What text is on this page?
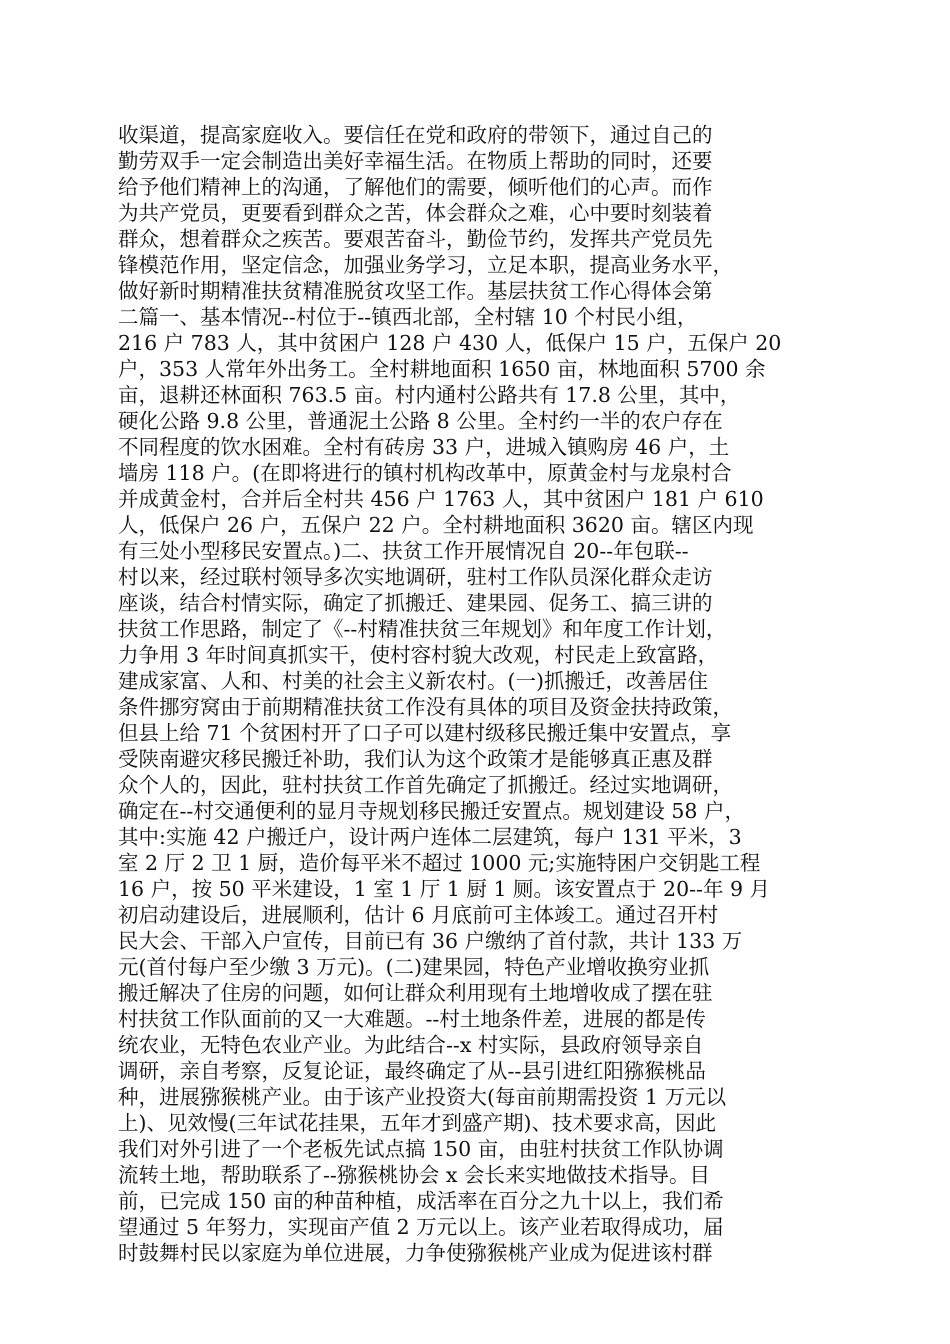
收渠道，提高家庭收入。要信任在党和政府的带领下，通过自己的
勤劳双手一定会制造出美好幸福生活。在物质上帮助的同时，还要
给予他们精神上的沟通，了解他们的需要，倾听他们的心声。而作
为共产党员，更要看到群众之苦，体会群众之难，心中要时刻装着
群众，想着群众之疾苦。要艰苦奋斗，勤俭节约，发挥共产党员先
锋模范作用，坚定信念，加强业务学习，立足本职，提高业务水平，
做好新时期精准扶贫精准脱贫攻坚工作。基层扶贫工作心得体会第
二篇一、基本情况--村位于--镇西北部，全村辖 10 个村民小组，
216 户 783 人，其中贫困户 128 户 430 人，低保户 15 户，五保户 20
户，353 人常年外出务工。全村耕地面积 1650 亩，林地面积 5700 余
亩，退耕还林面积 763.5 亩。村内通村公路共有 17.8 公里，其中，
硬化公路 9.8 公里，普通泥土公路 8 公里。全村约一半的农户存在
不同程度的饮水困难。全村有砖房 33 户，进城入镇购房 46 户，土
墙房 118 户。(在即将进行的镇村机构改革中，原黄金村与龙泉村合
并成黄金村，合并后全村共 456 户 1763 人，其中贫困户 181 户 610
人，低保户 26 户，五保户 22 户。全村耕地面积 3620 亩。辖区内现
有三处小型移民安置点。)二、扶贫工作开展情况自 20--年包联--
村以来，经过联村领导多次实地调研，驻村工作队员深化群众走访
座谈，结合村情实际，确定了抓搬迁、建果园、促务工、搞三讲的
扶贫工作思路，制定了《--村精准扶贫三年规划》和年度工作计划，
力争用 3 年时间真抓实干，使村容村貌大改观，村民走上致富路，
建成家富、人和、村美的社会主义新农村。(一)抓搬迁，改善居住
条件挪穷窝由于前期精准扶贫工作没有具体的项目及资金扶持政策，
但县上给 71 个贫困村开了口子可以建村级移民搬迁集中安置点，享
受陕南避灾移民搬迁补助，我们认为这个政策才是能够真正惠及群
众个人的，因此，驻村扶贫工作首先确定了抓搬迁。经过实地调研，
确定在--村交通便利的显月寺规划移民搬迁安置点。规划建设 58 户，
其中:实施 42 户搬迁户，设计两户连体二层建筑，每户 131 平米，3
室 2 厅 2 卫 1 厨，造价每平米不超过 1000 元;实施特困户交钥匙工程
16 户，按 50 平米建设，1 室 1 厅 1 厨 1 厕。该安置点于 20--年 9 月
初启动建设后，进展顺利，估计 6 月底前可主体竣工。通过召开村
民大会、干部入户宣传，目前已有 36 户缴纳了首付款，共计 133 万
元(首付每户至少缴 3 万元)。(二)建果园，特色产业增收换穷业抓
搬迁解决了住房的问题，如何让群众利用现有土地增收成了摆在驻
村扶贫工作队面前的又一大难题。--村土地条件差，进展的都是传
统农业，无特色农业产业。为此结合--x 村实际，县政府领导亲自
调研，亲自考察，反复论证，最终确定了从--县引进红阳猕猴桃品
种，进展猕猴桃产业。由于该产业投资大(每亩前期需投资 1 万元以
上)、见效慢(三年试花挂果，五年才到盛产期)、技术要求高，因此
我们对外引进了一个老板先试点搞 150 亩，由驻村扶贫工作队协调
流转土地，帮助联系了--猕猴桃协会 x 会长来实地做技术指导。目
前，已完成 150 亩的种苗种植，成活率在百分之九十以上，我们希
望通过 5 年努力，实现亩产值 2 万元以上。该产业若取得成功，届
时鼓舞村民以家庭为单位进展，力争使猕猴桃产业成为促进该村群
